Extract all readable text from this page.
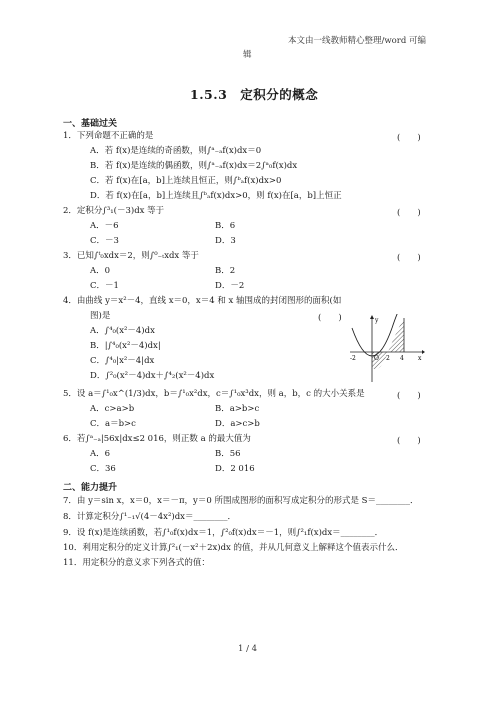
本文由一线教师精心整理/word 可编
辑
1.5.3　定积分的概念
一、基础过关
1．下列命题不正确的是	(　　)
A．若 f(x)是连续的奇函数，则∫ᵃ₋ₐf(x)dx＝0
B．若 f(x)是连续的偶函数，则∫ᵃ₋ₐf(x)dx＝2∫ᵃ₀f(x)dx
C．若 f(x)在[a，b]上连续且恒正，则∫ᵇₐf(x)dx>0
D．若 f(x)在[a，b]上连续且∫ᵇₐf(x)dx>0，则 f(x)在[a，b]上恒正
2．定积分∫³₁(－3)dx 等于	(　　)
A．－6	B．6
C．－3	D．3
3．已知∫ᵗ₀xdx＝2，则∫⁰₋ₜxdx 等于	(　　)
A．0	B．2
C．－1	D．－2
4．由曲线 y＝x²－4，直线 x＝0，x＝4 和 x 轴围成的封闭图形的面积(如
图)是	(　　)
A．∫⁴₀(x²－4)dx
B．|∫⁴₀(x²－4)dx|
C．∫⁴₀|x²－4|dx
D．∫²₀(x²－4)dx＋∫⁴₂(x²－4)dx
y
x
O
-2	2 4
5．设 a＝∫¹₀x^(1/3)dx，b＝∫¹₀x²dx，c＝∫¹₀x³dx，则 a，b，c 的大小关系是	(　　)
A．c>a>b	B．a>b>c
C．a＝b>c	D．a>c>b
6．若∫ᵃ₋ₐ|56x|dx≤2 016，则正数 a 的最大值为	(　　)
A．6	B．56
C．36	D．2 016
二、能力提升
7．由 y＝sin x，x＝0，x＝－π，y＝0 所围成图形的面积写成定积分的形式是 S＝________．
8．计算定积分∫¹₋₁√(4－4x²)dx＝________．
9．设 f(x)是连续函数，若∫¹₀f(x)dx＝1，∫²₀f(x)dx＝－1，则∫²₁f(x)dx＝________．
10．利用定积分的定义计算∫²₁(－x²＋2x)dx 的值，并从几何意义上解释这个值表示什么．
11．用定积分的意义求下列各式的值：
1 / 4
